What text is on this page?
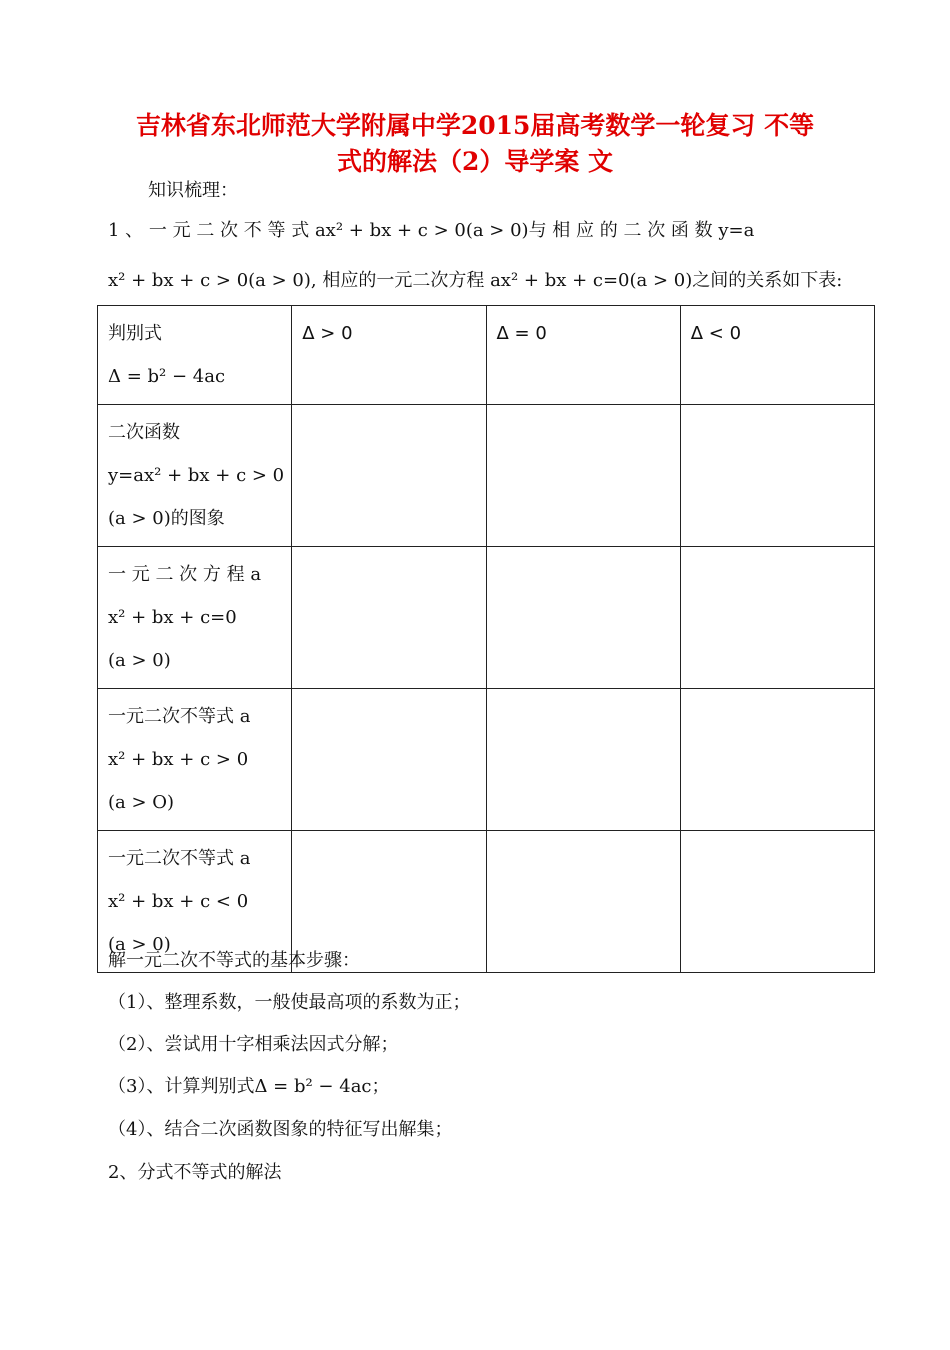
吉林省东北师范大学附属中学2015届高考数学一轮复习 不等
式的解法（2）导学案 文
知识梳理：
1 、 一 元 二 次 不 等 式 ax² + bx + c > 0(a > 0)与 相 应 的 二 次 函 数 y=a
x² + bx + c > 0(a > 0), 相应的一元二次方程 ax² + bx + c=0(a > 0)之间的关系如下表:
判别式
Δ = b² − 4ac	Δ > 0	Δ = 0	Δ < 0

二次函数
y=ax² + bx + c > 0
(a > 0)的图象			

一 元 二 次 方 程 a
x² + bx + c=0
(a > 0)			

一元二次不等式 a
x² + bx + c > 0
(a > O)			

一元二次不等式 a
x² + bx + c < 0
(a > 0)			

解一元二次不等式的基本步骤：
（1）、整理系数，一般使最高项的系数为正；
（2）、尝试用十字相乘法因式分解；
（3）、计算判别式Δ = b² − 4ac；
（4）、结合二次函数图象的特征写出解集；
2、分式不等式的解法
